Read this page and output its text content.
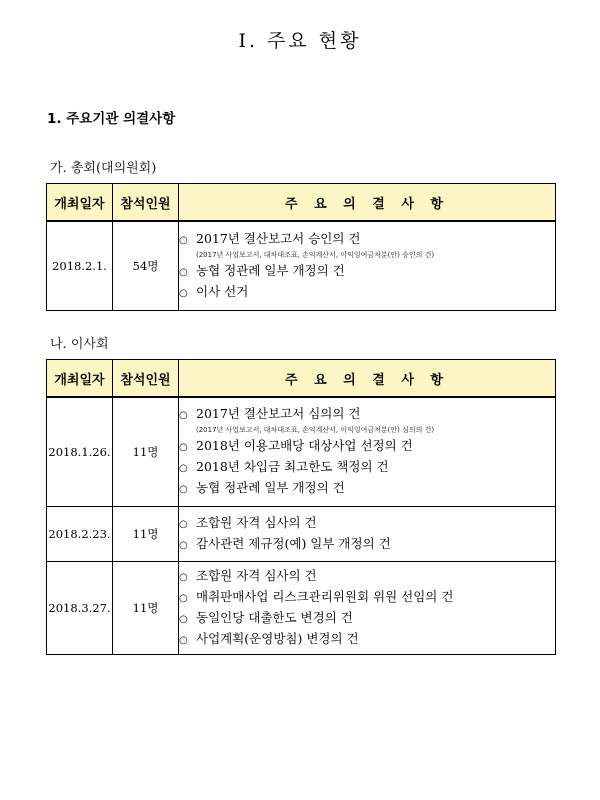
Ⅰ. 주요 현황
1. 주요기관 의결사항
가. 총회(대의원회)
개최일자	참석인원	주 요 의 결 사 항
2018.2.1.	54명	○ 2017년 결산보고서 승인의 건
(2017년 사업보고서, 대차대조표, 손익계산서, 이익잉여금처분(안) 승인의 건)
○ 농협 정관례 일부 개정의 건
○ 이사 선거
나. 이사회
개최일자	참석인원	주 요 의 결 사 항
2018.1.26.	11명	○ 2017년 결산보고서 심의의 건
(2017년 사업보고서, 대차대조표, 손익계산서, 이익잉여금처분(안) 심의의 건)
○ 2018년 이용고배당 대상사업 선정의 건
○ 2018년 차입금 최고한도 책정의 건
○ 농협 정관례 일부 개정의 건

2018.2.23.	11명	○ 조합원 자격 심사의 건
○ 감사관련 제규정(예) 일부 개정의 건

2018.3.27.	11명	○ 조합원 자격 심사의 건
○ 매취판매사업 리스크관리위원회 위원 선임의 건
○ 동일인당 대출한도 변경의 건
○ 사업계획(운영방침) 변경의 건
